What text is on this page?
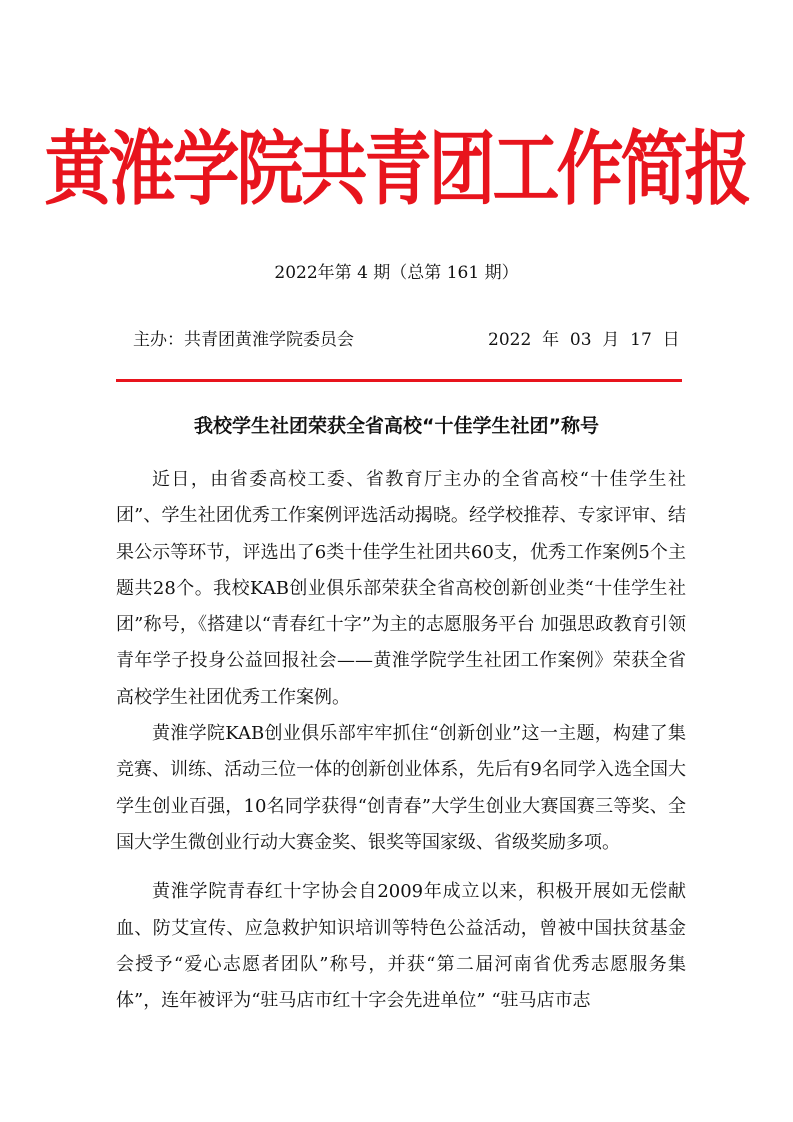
黄淮学院共青团工作简报
2022年第 4 期（总第 161 期）
主办：共青团黄淮学院委员会	2022  年  03  月  17  日
我校学生社团荣获全省高校“十佳学生社团”称号

近日，由省委高校工委、省教育厅主办的全省高校“十佳学生社团”、学生社团优秀工作案例评选活动揭晓。经学校推荐、专家评审、结果公示等环节，评选出了6类十佳学生社团共60支，优秀工作案例5个主题共28个。我校KAB创业俱乐部荣获全省高校创新创业类“十佳学生社团”称号，《搭建以“青春红十字”为主的志愿服务平台 加强思政教育引领青年学子投身公益回报社会——黄淮学院学生社团工作案例》荣获全省高校学生社团优秀工作案例。

黄淮学院KAB创业俱乐部牢牢抓住“创新创业”这一主题，构建了集竞赛、训练、活动三位一体的创新创业体系，先后有9名同学入选全国大学生创业百强，10名同学获得“创青春”大学生创业大赛国赛三等奖、全国大学生微创业行动大赛金奖、银奖等国家级、省级奖励多项。

黄淮学院青春红十字协会自2009年成立以来，积极开展如无偿献血、防艾宣传、应急救护知识培训等特色公益活动，曾被中国扶贫基金会授予“爱心志愿者团队”称号，并获“第二届河南省优秀志愿服务集体”，连年被评为“驻马店市红十字会先进单位” “驻马店市志
